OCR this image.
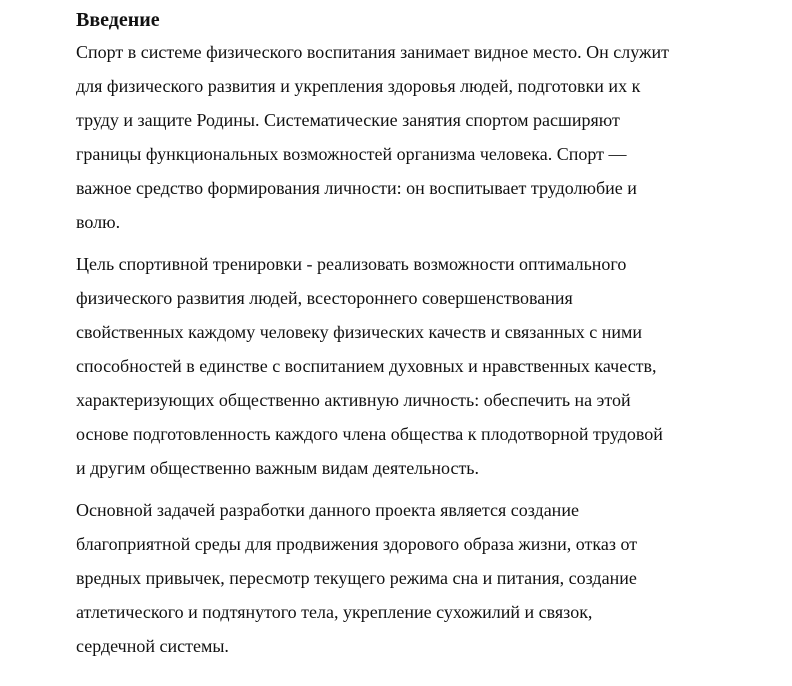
Введение
Спорт в системе физического воспитания занимает видное место. Он служит
для физического развития и укрепления здоровья людей, подготовки их к
труду и защите Родины. Систематические занятия спортом расширяют
границы функциональных возможностей организма человека. Спорт —
важное средство формирования личности: он воспитывает трудолюбие и
волю.
Цель спортивной тренировки - реализовать возможности оптимального
физического развития людей, всестороннего совершенствования
свойственных каждому человеку физических качеств и связанных с ними
способностей в единстве с воспитанием духовных и нравственных качеств,
характеризующих общественно активную личность: обеспечить на этой
основе подготовленность каждого члена общества к плодотворной трудовой
и другим общественно важным видам деятельность.
Основной задачей разработки данного проекта является создание
благоприятной среды для продвижения здорового образа жизни, отказ от
вредных привычек, пересмотр текущего режима сна и питания, создание
атлетического и подтянутого тела, укрепление сухожилий и связок,
сердечной системы.
